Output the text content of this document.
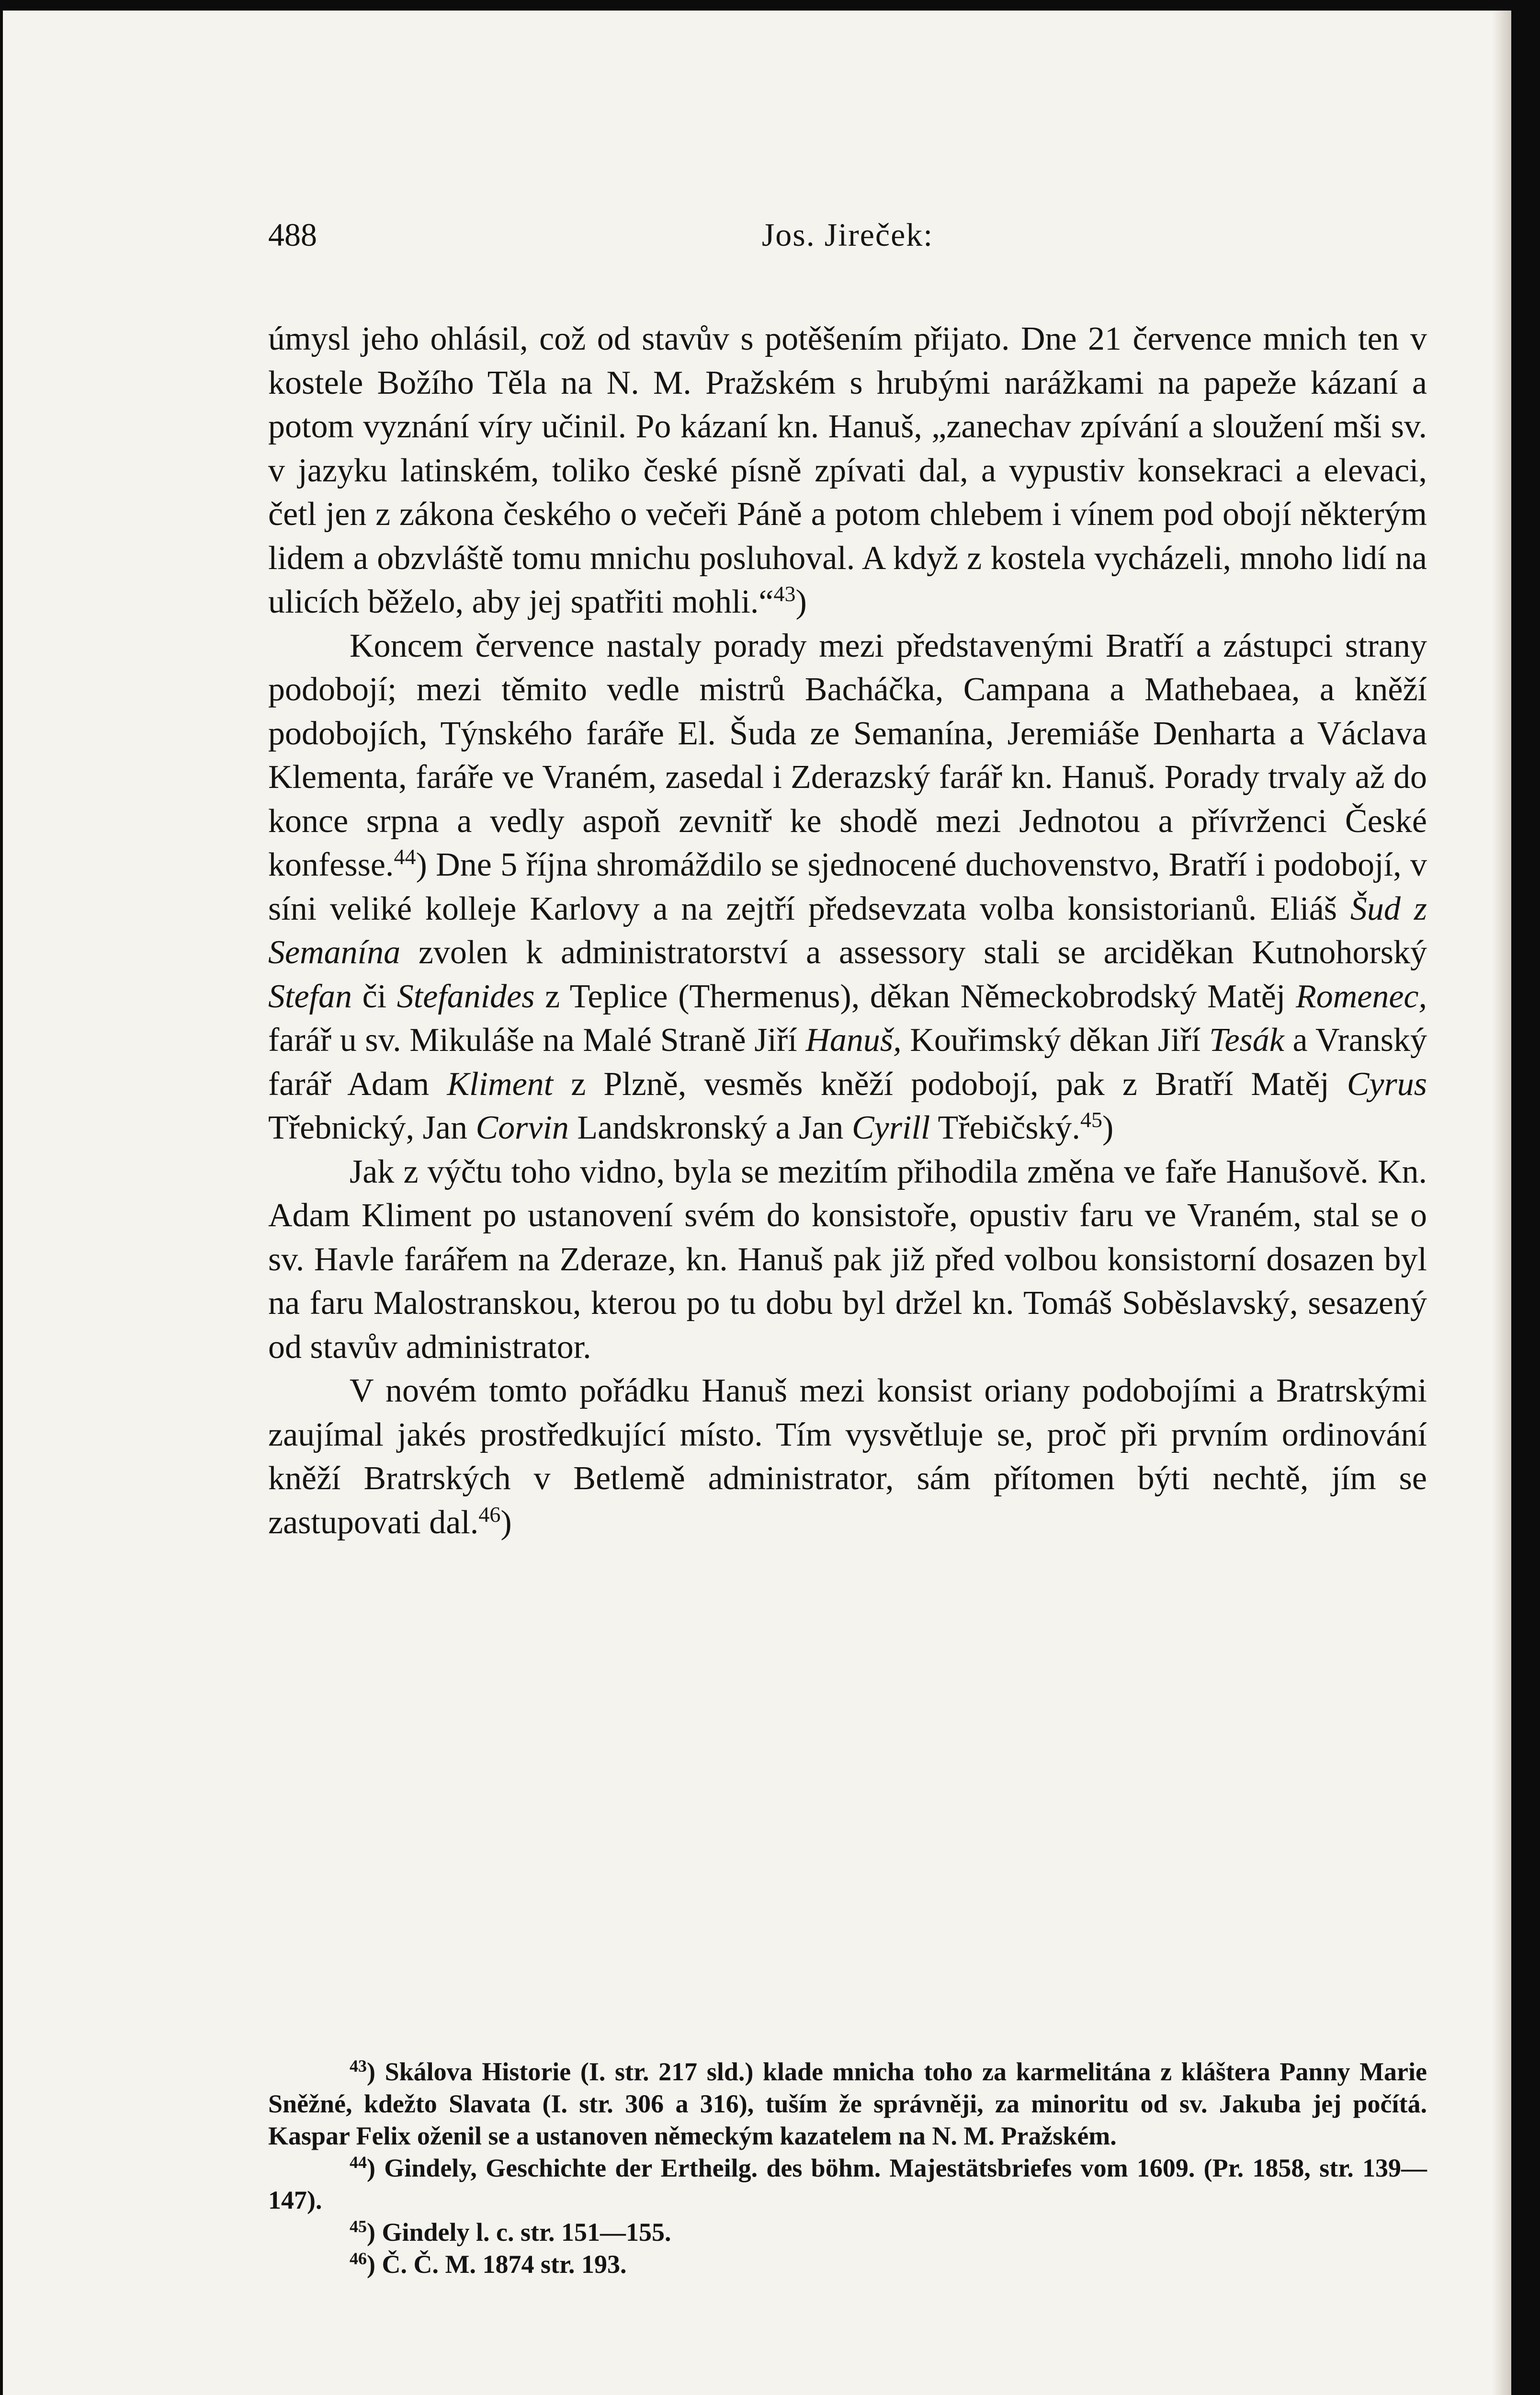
488	Jos. Jireček:

úmysl jeho ohlásil, což od stavův s potěšením přijato. Dne 21 července mnich ten v kostele Božího Těla na N. M. Pražském s hrubými narážkami na papeže kázaní a potom vyznání víry učinil. Po kázaní kn. Hanuš, „zanechav zpívání a sloužení mši sv. v jazyku latinském, toliko české písně zpívati dal, a vypustiv konsekraci a elevaci, četl jen z zákona českého o večeři Páně a potom chlebem i vínem pod obojí některým lidem a obzvláště tomu mnichu posluhoval. A když z kostela vycházeli, mnoho lidí na ulicích běželo, aby jej spatřiti mohli.“$^{43}$)

Koncem července nastaly porady mezi představenými Bratří a zástupci strany podobojí; mezi těmito vedle mistrů Bacháčka, Campana a Mathebaea, a kněží podobojích, Týnského faráře El. Šuda ze Semanína, Jeremiáše Denharta a Václava Klementa, faráře ve Vraném, zasedal i Zderazský farář kn. Hanuš. Porady trvaly až do konce srpna a vedly aspoň zevnitř ke shodě mezi Jednotou a přívrženci České konfesse.$^{44}$) Dne 5 října shromáždilo se sjednocené duchovenstvo, Bratří i podobojí, v síni veliké kolleje Karlovy a na zejtří předsevzata volba konsistorianů. Eliáš Šud z Semanína zvolen k administratorství a assessory stali se arciděkan Kutnohorský Stefan či Stefanides z Teplice (Thermenus), děkan Německobrodský Matěj Romenec, farář u sv. Mikuláše na Malé Straně Jiří Hanuš, Kouřimský děkan Jiří Tesák a Vranský farář Adam Kliment z Plzně, vesměs kněží podobojí, pak z Bratří Matěj Cyrus Třebnický, Jan Corvin Landskronský a Jan Cyrill Třebičský.$^{45}$)

Jak z výčtu toho vidno, byla se mezitím přihodila změna ve faře Hanušově. Kn. Adam Kliment po ustanovení svém do konsistoře, opustiv faru ve Vraném, stal se o sv. Havle farářem na Zderaze, kn. Hanuš pak již před volbou konsistorní dosazen byl na faru Malostranskou, kterou po tu dobu byl držel kn. Tomáš Soběslavský, sesazený od stavův administrator.

V novém tomto pořádku Hanuš mezi konsist oriany podobojími a Bratrskými zaujímal jakés prostředkující místo. Tím vysvětluje se, proč při prvním ordinování kněží Bratrských v Betlemě administrator, sám přítomen býti nechtě, jím se zastupovati dal.$^{46}$)

$^{43}$) Skálova Historie (I. str. 217 sld.) klade mnicha toho za karmelitána z kláštera Panny Marie Sněžné, kdežto Slavata (I. str. 306 a 316), tuším že správněji, za minoritu od sv. Jakuba jej počítá. Kaspar Felix oženil se a ustanoven německým kazatelem na N. M. Pražském.

$^{44}$) Gindely, Geschichte der Ertheilg. des böhm. Majestätsbriefes vom 1609. (Pr. 1858, str. 139—147).

$^{45}$) Gindely l. c. str. 151—155.

$^{46}$) Č. Č. M. 1874 str. 193.
